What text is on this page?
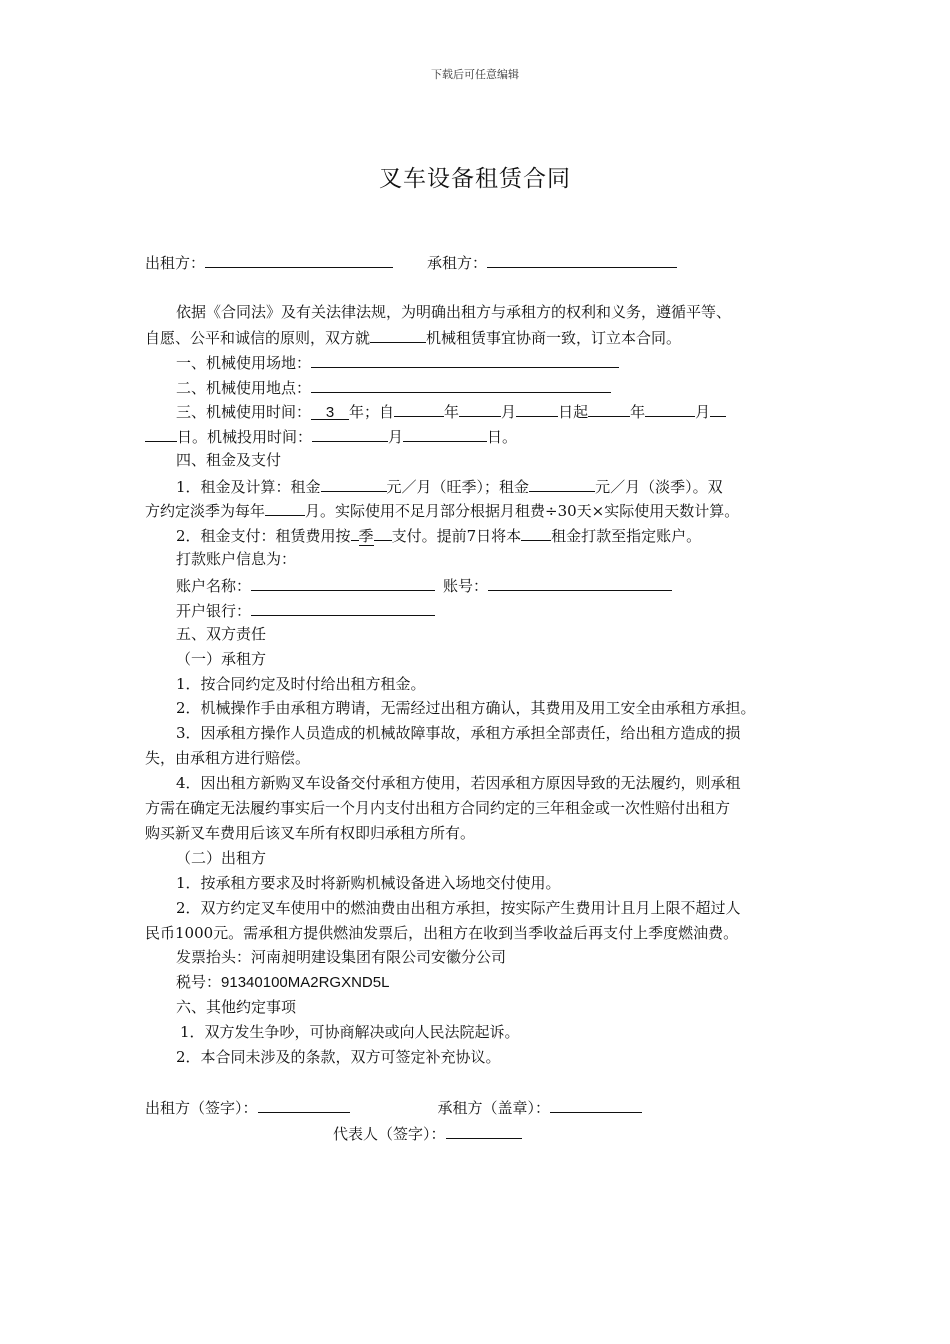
下载后可任意编辑
叉车设备租赁合同
出租方：	承租方：
依据《合同法》及有关法律法规，为明确出租方与承租方的权利和义务，遵循平等、
自愿、公平和诚信的原则，双方就	机械租赁事宜协商一致，订立本合同。
一、机械使用场地：
二、机械使用地点：
三、机械使用时间： 3 年；自	年	月	日起	年	月
日。机械投用时间：	月	日。
四、租金及支付
1．租金及计算：租金	元／月（旺季）；租金	元／月（淡季）。双
方约定淡季为每年	月。实际使用不足月部分根据月租费÷30天×实际使用天数计算。
2．租金支付：租赁费用按 季 支付。提前7日将本 租金打款至指定账户。
打款账户信息为：
账户名称：	账号：
开户银行：
五、双方责任
（一）承租方
1．按合同约定及时付给出租方租金。
2．机械操作手由承租方聘请，无需经过出租方确认，其费用及用工安全由承租方承担。
3．因承租方操作人员造成的机械故障事故，承租方承担全部责任，给出租方造成的损
失，由承租方进行赔偿。
4．因出租方新购叉车设备交付承租方使用，若因承租方原因导致的无法履约，则承租
方需在确定无法履约事实后一个月内支付出租方合同约定的三年租金或一次性赔付出租方
购买新叉车费用后该叉车所有权即归承租方所有。
（二）出租方
1．按承租方要求及时将新购机械设备进入场地交付使用。
2．双方约定叉车使用中的燃油费由出租方承担，按实际产生费用计且月上限不超过人
民币1000元。需承租方提供燃油发票后，出租方在收到当季收益后再支付上季度燃油费。
发票抬头：河南昶明建设集团有限公司安徽分公司
税号：91340100MA2RGXND5L
六、其他约定事项
1．双方发生争吵，可协商解决或向人民法院起诉。
2．本合同未涉及的条款，双方可签定补充协议。
出租方（签字）：	承租方（盖章）：
代表人（签字）：
